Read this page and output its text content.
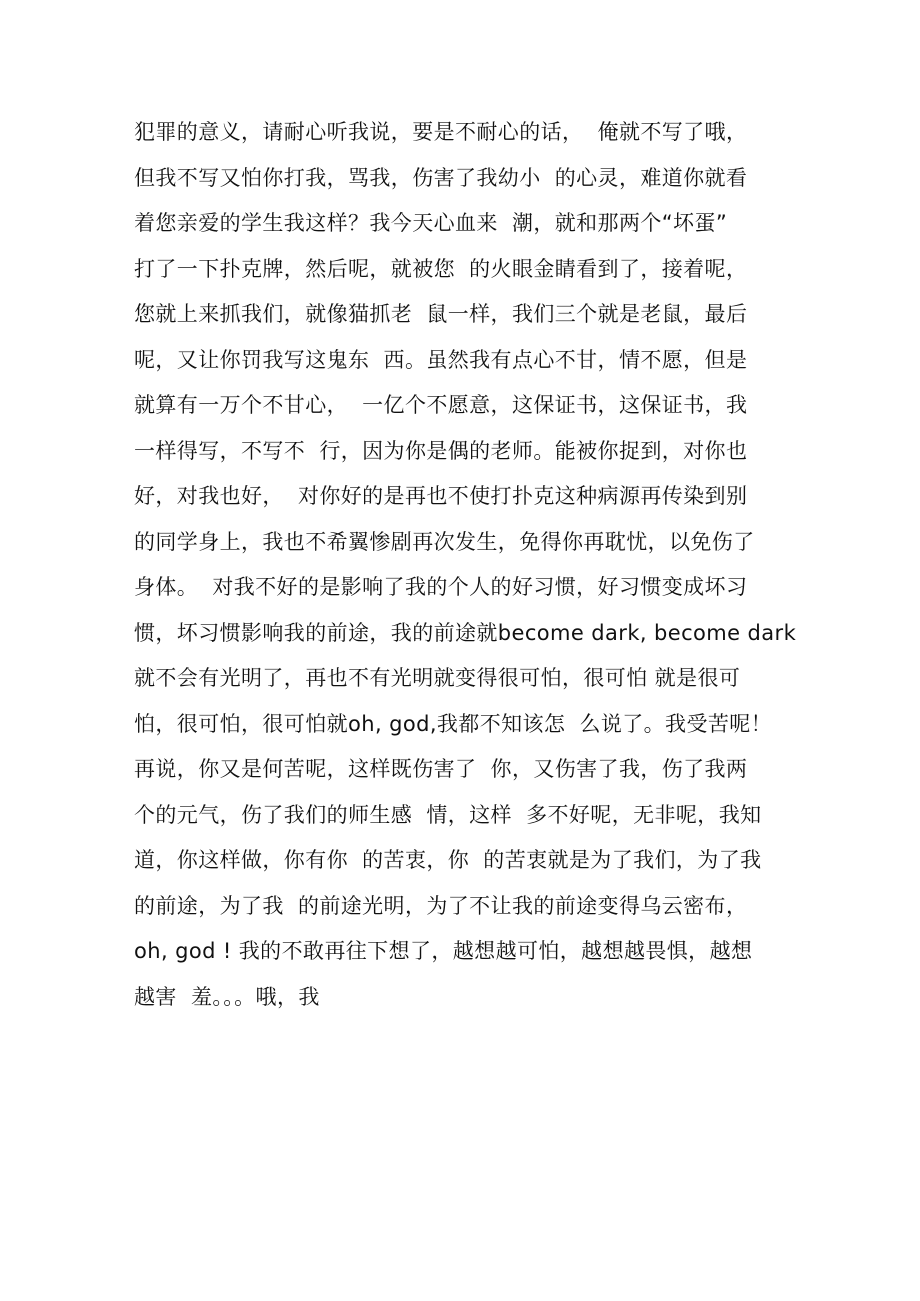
犯罪的意义，请耐心听我说，要是不耐心的话，  俺就不写了哦，
但我不写又怕你打我，骂我，伤害了我幼小  的心灵，难道你就看
着您亲爱的学生我这样？我今天心血来  潮，就和那两个“坏蛋”
打了一下扑克牌，然后呢，就被您  的火眼金睛看到了，接着呢，
您就上来抓我们，就像猫抓老  鼠一样，我们三个就是老鼠，最后
呢，又让你罚我写这鬼东  西。虽然我有点心不甘，情不愿，但是
就算有一万个不甘心，  一亿个不愿意，这保证书，这保证书，我
一样得写，不写不  行，因为你是偶的老师。能被你捉到，对你也
好，对我也好，  对你好的是再也不使打扑克这种病源再传染到别
的同学身上，我也不希翼惨剧再次发生，免得你再耽忧，以免伤了
身体。  对我不好的是影响了我的个人的好习惯，好习惯变成坏习
惯，坏习惯影响我的前途，我的前途就become dark, become dark
就不会有光明了，再也不有光明就变得很可怕，很可怕 就是很可
怕，很可怕，很可怕就oh, god,我都不知该怎  么说了。我受苦呢！
再说，你又是何苦呢，这样既伤害了  你，又伤害了我，伤了我两
个的元气，伤了我们的师生感  情，这样  多不好呢，无非呢，我知
道，你这样做，你有你  的苦衷，你  的苦衷就是为了我们，为了我
的前途，为了我  的前途光明，为了不让我的前途变得乌云密布，
oh, god ! 我的不敢再往下想了，越想越可怕，越想越畏惧，越想
越害  羞。。。哦，我
